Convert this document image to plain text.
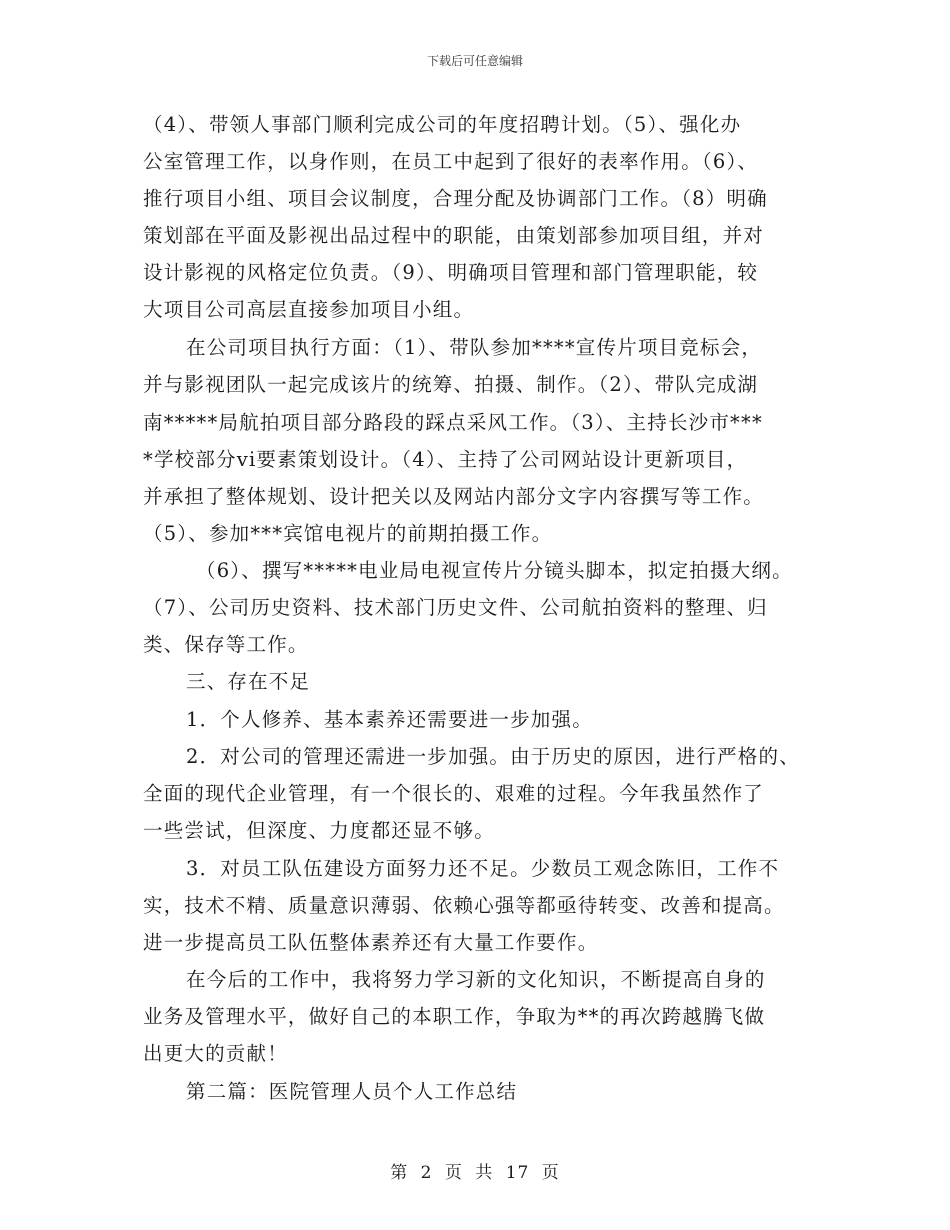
下载后可任意编辑
（4）、带领人事部门顺利完成公司的年度招聘计划。（5）、强化办
公室管理工作，以身作则，在员工中起到了很好的表率作用。（6）、
推行项目小组、项目会议制度，合理分配及协调部门工作。（8）明确
策划部在平面及影视出品过程中的职能，由策划部参加项目组，并对
设计影视的风格定位负责。（9）、明确项目管理和部门管理职能，较
大项目公司高层直接参加项目小组。
在公司项目执行方面：（1）、带队参加****宣传片项目竞标会，
并与影视团队一起完成该片的统筹、拍摄、制作。（2）、带队完成湖
南*****局航拍项目部分路段的踩点采风工作。（3）、主持长沙市***
*学校部分vi要素策划设计。（4）、主持了公司网站设计更新项目，
并承担了整体规划、设计把关以及网站内部分文字内容撰写等工作。
（5）、参加***宾馆电视片的前期拍摄工作。
（6）、撰写*****电业局电视宣传片分镜头脚本，拟定拍摄大纲。
（7）、公司历史资料、技术部门历史文件、公司航拍资料的整理、归
类、保存等工作。
三、存在不足
1．个人修养、基本素养还需要进一步加强。
2．对公司的管理还需进一步加强。由于历史的原因，进行严格的、
全面的现代企业管理，有一个很长的、艰难的过程。今年我虽然作了
一些尝试，但深度、力度都还显不够。
3．对员工队伍建设方面努力还不足。少数员工观念陈旧，工作不
实，技术不精、质量意识薄弱、依赖心强等都亟待转变、改善和提高。
进一步提高员工队伍整体素养还有大量工作要作。
在今后的工作中，我将努力学习新的文化知识，不断提高自身的
业务及管理水平，做好自己的本职工作，争取为**的再次跨越腾飞做
出更大的贡献！
第二篇：医院管理人员个人工作总结
第 2 页 共 17 页
